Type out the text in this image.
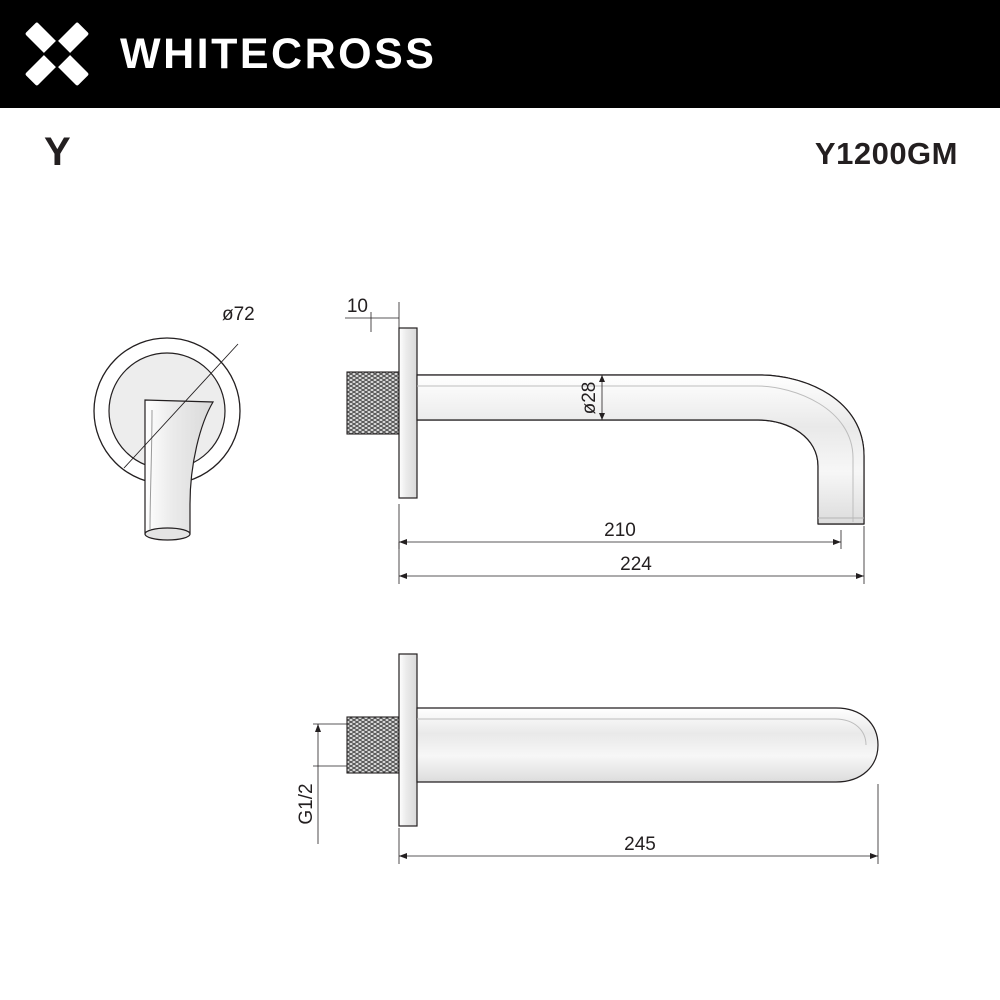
WHITECROSS
Y	Y1200GM
ø72	10
ø28
210
224
G1/2
245
